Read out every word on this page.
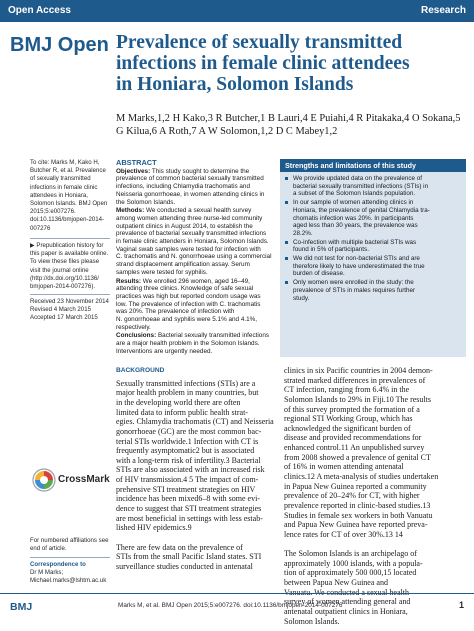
Open Access	Research
BMJ Open Prevalence of sexually transmitted
infections in female clinic attendees
in Honiara, Solomon Islands
M Marks,1,2 H Kako,3 R Butcher,1 B Lauri,4 E Puiahi,4 R Pitakaka,4 O Sokana,5
G Kilua,6 A Roth,7 A W Solomon,1,2 D C Mabey1,2

To cite: Marks M, Kako H,

Butcher R, et al. Prevalence

of sexually transmitted

infections in female clinic

attendees in Honiara,

Solomon Islands. BMJ Open

2015;5:e007276.

doi:10.1136/bmjopen-2014-

007276

▶ Prepublication history for

this paper is available online.

To view these files please

visit the journal online

(http://dx.doi.org/10.1136/

bmjopen-2014-007276).

Received 23 November 2014

Revised 4 March 2015

Accepted 17 March 2015

CrossMark

For numbered affiliations see

end of article.

Correspondence to

Dr M Marks;

Michael.marks@lshtm.ac.uk

ABSTRACT
Objectives: This study sought to determine the
prevalence of common bacterial sexually transmitted
infections, including Chlamydia trachomatis and
Neisseria gonorrhoeae, in women attending clinics in
the Solomon Islands.
Methods: We conducted a sexual health survey
among women attending three nurse-led community
outpatient clinics in August 2014, to establish the
prevalence of bacterial sexually transmitted infections
in female clinic attenders in Honiara, Solomon Islands.
Vaginal swab samples were tested for infection with
C. trachomatis and N. gonorrhoeae using a commercial
strand displacement amplification assay. Serum
samples were tested for syphilis.
Results: We enrolled 296 women, aged 16–49,
attending three clinics. Knowledge of safe sexual
practices was high but reported condom usage was
low. The prevalence of infection with C. trachomatis
was 20%. The prevalence of infection with
N. gonorrhoeae and syphilis were 5.1% and 4.1%,
respectively.
Conclusions: Bacterial sexually transmitted infections
are a major health problem in the Solomon Islands.
Interventions are urgently needed.
Strengths and limitations of this study
We provide updated data on the prevalence of
bacterial sexually transmitted infections (STIs) in
a subset of the Solomon Islands population.
In our sample of women attending clinics in
Honiara, the prevalence of genital Chlamydia tra-
chomatis infection was 20%. In participants
aged less than 30 years, the prevalence was
28.2%.
Co-infection with multiple bacterial STIs was
found in 5% of participants.
We did not test for non-bacterial STIs and are
therefore likely to have underestimated the true
burden of disease.
Only women were enrolled in the study: the
prevalence of STIs in males requires further
study.
BACKGROUND
Sexually transmitted infections (STIs) are a
major health problem in many countries, but
in the developing world there are often
limited data to inform public health strat-
egies. Chlamydia trachomatis (CT) and Neisseria
gonorrhoeae (GC) are the most common bac-
terial STIs worldwide.1 Infection with CT is
frequently asymptomatic2 but is associated
with a long-term risk of infertility.3 Bacterial
STIs are also associated with an increased risk
of HIV transmission.4 5 The impact of com-
prehensive STI treatment strategies on HIV
incidence has been mixed6–8 with some evi-
dence to suggest that STI treatment strategies
are most beneficial in settings with less estab-
lished HIV epidemics.9
There are few data on the prevalence of
STIs from the small Pacific Island states. STI
surveillance studies conducted in antenatal
clinics in six Pacific countries in 2004 demon-
strated marked differences in prevalences of
CT infection, ranging from 6.4% in the
Solomon Islands to 29% in Fiji.10 The results
of this survey prompted the formation of a
regional STI Working Group, which has
acknowledged the significant burden of
disease and provided recommendations for
enhanced control.11 An unpublished survey
from 2008 showed a prevalence of genital CT
of 16% in women attending antenatal
clinics.12 A meta-analysis of studies undertaken
in Papua New Guinea reported a community
prevalence of 20–24% for CT, with higher
prevalence reported in clinic-based studies.13
Studies in female sex workers in both Vanuatu
and Papua New Guinea have reported preva-
lence rates for CT of over 30%.13 14
The Solomon Islands is an archipelago of
approximately 1000 islands, with a popula-
tion of approximately 500 000,15 located
between Papua New Guinea and
survey of women attending general and
antenatal outpatient clinics in Honiara,
Solomon Islands.
BMJ	Marks M, et al. BMJ Open 2015;5:e007276. doi:10.1136/bmjopen-2014-007276	1
